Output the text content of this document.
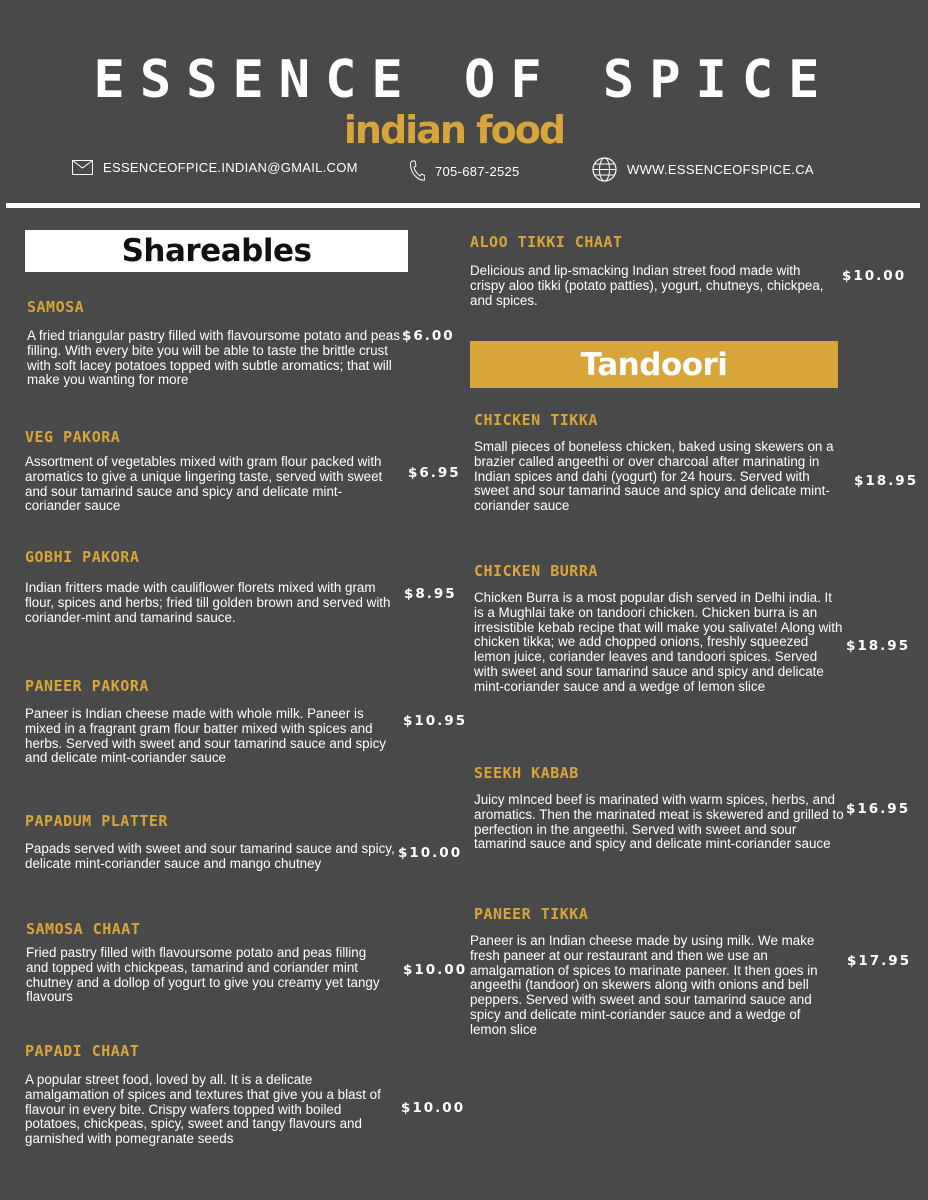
ESSENCE OF SPICE
indian food
ESSENCEOFPICE.INDIAN@GMAIL.COM	705-687-2525	WWW.ESSENCEOFSPICE.CA
Shareables
SAMOSA
A fried triangular pastry filled with flavoursome potato and peas filling. With every bite you will be able to taste the brittle crust with soft lacey potatoes topped with subtle aromatics; that will make you wanting for more
$6.00
VEG PAKORA
Assortment of vegetables mixed with gram flour packed with aromatics to give a unique lingering taste, served with sweet and sour tamarind sauce and spicy and delicate mint-coriander sauce
$6.95
GOBHI PAKORA
Indian fritters made with cauliflower florets mixed with gram flour, spices and herbs; fried till golden brown and served with coriander-mint and tamarind sauce.
$8.95
PANEER PAKORA
Paneer is Indian cheese made with whole milk. Paneer is mixed in a fragrant gram flour batter mixed with spices and herbs. Served with sweet and sour tamarind sauce and spicy and delicate mint-coriander sauce
$10.95
PAPADUM PLATTER
Papads served with sweet and sour tamarind sauce and spicy, delicate mint-coriander sauce and mango chutney
$10.00
SAMOSA CHAAT
Fried pastry filled with flavoursome potato and peas filling and topped with chickpeas, tamarind and coriander mint chutney and a dollop of yogurt to give you creamy yet tangy flavours
$10.00
PAPADI CHAAT
A popular street food, loved by all. It is a delicate amalgamation of spices and textures that give you a blast of flavour in every bite. Crispy wafers topped with boiled potatoes, chickpeas, spicy, sweet and tangy flavours and garnished with pomegranate seeds
$10.00
ALOO TIKKI CHAAT
Delicious and lip-smacking Indian street food made with crispy aloo tikki (potato patties), yogurt, chutneys, chickpea, and spices.
$10.00
Tandoori
CHICKEN TIKKA
Small pieces of boneless chicken, baked using skewers on a brazier called angeethi or over charcoal after marinating in Indian spices and dahi (yogurt) for 24 hours. Served with sweet and sour tamarind sauce and spicy and delicate mint-coriander sauce
$18.95
CHICKEN BURRA
Chicken Burra is a most popular dish served in Delhi india. It is a Mughlai take on tandoori chicken. Chicken burra is an irresistible kebab recipe that will make you salivate! Along with chicken tikka; we add chopped onions, freshly squeezed lemon juice, coriander leaves and tandoori spices. Served with sweet and sour tamarind sauce and spicy and delicate mint-coriander sauce and a wedge of lemon slice
$18.95
SEEKH KABAB
Juicy mInced beef is marinated with warm spices, herbs, and aromatics. Then the marinated meat is skewered and grilled to perfection in the angeethi. Served with sweet and sour tamarind sauce and spicy and delicate mint-coriander sauce
$16.95
PANEER TIKKA
Paneer is an Indian cheese made by using milk. We make fresh paneer at our restaurant and then we use an amalgamation of spices to marinate paneer. It then goes in angeethi (tandoor) on skewers along with onions and bell peppers. Served with sweet and sour tamarind sauce and spicy and delicate mint-coriander sauce and a wedge of lemon slice
$17.95
